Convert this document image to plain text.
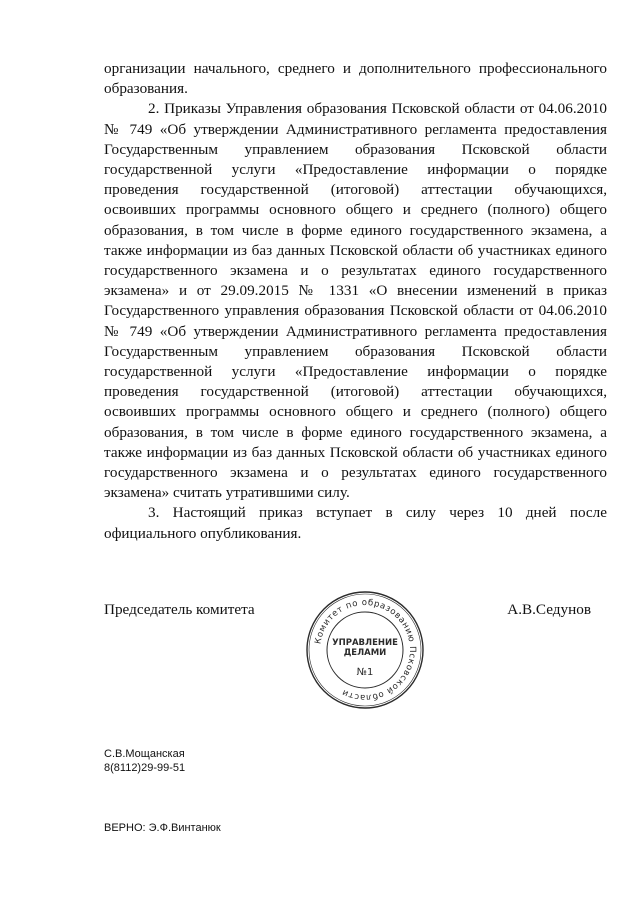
организации начального, среднего и дополнительного профессионального образования.

2. Приказы Управления образования Псковской области от 04.06.2010 № 749 «Об утверждении Административного регламента предоставления Государственным управлением образования Псковской области государственной услуги «Предоставление информации о порядке проведения государственной (итоговой) аттестации обучающихся, освоивших программы основного общего и среднего (полного) общего образования, в том числе в форме единого государственного экзамена, а также информации из баз данных Псковской области об участниках единого государственного экзамена и о результатах единого государственного экзамена» и от 29.09.2015 № 1331 «О внесении изменений в приказ Государственного управления образования Псковской области от 04.06.2010 № 749 «Об утверждении Административного регламента предоставления Государственным управлением образования Псковской области государственной услуги «Предоставление информации о порядке проведения государственной (итоговой) аттестации обучающихся, освоивших программы основного общего и среднего (полного) общего образования, в том числе в форме единого государственного экзамена, а также информации из баз данных Псковской области об участниках единого государственного экзамена и о результатах единого государственного экзамена» считать утратившими силу.

3. Настоящий приказ вступает в силу через 10 дней после официального опубликования.

Председатель комитета	А.В.Седунов
Комитет по образованию Псковской области
УПРАВЛЕНИЕ
ДЕЛАМИ
№1
С.В.Мощанская
8(8112)29-99-51
ВЕРНО: Э.Ф.Винтанюк
